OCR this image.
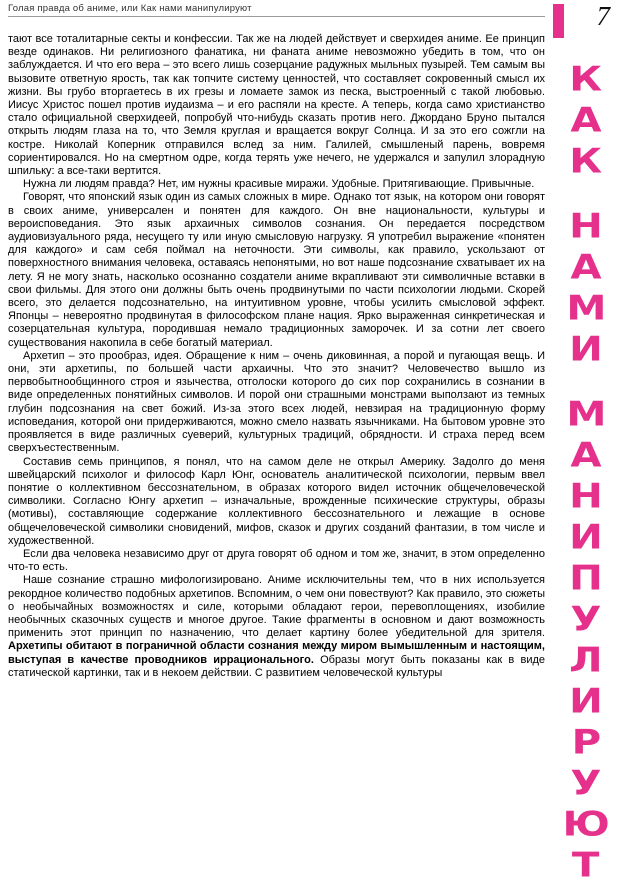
Голая правда об аниме, или Как нами манипулируют	7
К
А
К
Н
А
М
И
М
А
Н
И
П
У
Л
И
Р
У
Ю
Т

тают все тоталитарные секты и конфессии. Так же на людей действует и сверхидея аниме. Ее принцип везде одинаков. Ни религиозного фанатика, ни фаната аниме невозможно убедить в том, что он заблуждается. И что его вера – это всего лишь созерцание радужных мыльных пузырей. Тем самым вы вызовите ответную ярость, так как топчите систему ценностей, что составляет сокровенный смысл их жизни. Вы грубо вторгаетесь в их грезы и ломаете замок из песка, выстроенный с такой любовью. Иисус Христос пошел против иудаизма – и его распяли на кресте. А теперь, когда само христианство стало официальной сверхидеей, попробуй что-нибудь сказать против него. Джордано Бруно пытался открыть людям глаза на то, что Земля круглая и вращается вокруг Солнца. И за это его сожгли на костре. Николай Коперник отправился вслед за ним. Галилей, смышленый парень, вовремя сориентировался. Но на смертном одре, когда терять уже нечего, не удержался и запулил злорадную шпильку: а все-таки вертится.

Нужна ли людям правда? Нет, им нужны красивые миражи. Удобные. Притягивающие. Привычные.

Говорят, что японский язык один из самых сложных в мире. Однако тот язык, на котором они говорят в своих аниме, универсален и понятен для каждого. Он вне национальности, культуры и вероисповедания. Это язык архаичных символов сознания. Он передается посредством аудиовизуального ряда, несущего ту или иную смысловую нагрузку. Я употребил выражение «понятен для каждого» и сам себя поймал на неточности. Эти символы, как правило, ускользают от поверхностного внимания человека, оставаясь непонятыми, но вот наше подсознание схватывает их на лету. Я не могу знать, насколько осознанно создатели аниме вкрапливают эти символичные вставки в свои фильмы. Для этого они должны быть очень продвинутыми по части психологии людьми. Скорей всего, это делается подсознательно, на интуитивном уровне, чтобы усилить смысловой эффект. Японцы – невероятно продвинутая в философском плане нация. Ярко выраженная синкретическая и созерцательная культура, породившая немало традиционных заморочек. И за сотни лет своего существования накопила в себе богатый материал.

Архетип – это прообраз, идея. Обращение к ним – очень диковинная, а порой и пугающая вещь. И они, эти архетипы, по большей части архаичны. Что это значит? Человечество вышло из первобытнообщинного строя и язычества, отголоски которого до сих пор сохранились в сознании в виде определенных понятийных символов. И порой они страшными монстрами выползают из темных глубин подсознания на свет божий. Из-за этого всех людей, невзирая на традиционную форму исповедания, которой они придерживаются, можно смело назвать язычниками. На бытовом уровне это проявляется в виде различных суеверий, культурных традиций, обрядности. И страха перед всем сверхъестественным.

Составив семь принципов, я понял, что на самом деле не открыл Америку. Задолго до меня швейцарский психолог и философ Карл Юнг, основатель аналитической психологии, первым ввел понятие о коллективном бессознательном, в образах которого видел источник общечеловеческой символики. Согласно Юнгу архетип – изначальные, врожденные психические структуры, образы (мотивы), составляющие содержание коллективного бессознательного и лежащие в основе общечеловеческой символики сновидений, мифов, сказок и других созданий фантазии, в том числе и художественной.

Если два человека независимо друг от друга говорят об одном и том же, значит, в этом определенно что-то есть.

Наше сознание страшно мифологизировано. Аниме исключительны тем, что в них используется рекордное количество подобных архетипов. Вспомним, о чем они повествуют? Как правило, это сюжеты о необычайных возможностях и силе, которыми обладают герои, перевоплощениях, изобилие необычных сказочных существ и многое другое. Такие фрагменты в основном и дают возможность применить этот принцип по назначению, что делает картину более убедительной для зрителя. Архетипы обитают в пограничной области сознания между миром вымышленным и настоящим, выступая в качестве проводников иррационального. Образы могут быть показаны как в виде статической картинки, так и в некоем действии. С развитием человеческой культуры
